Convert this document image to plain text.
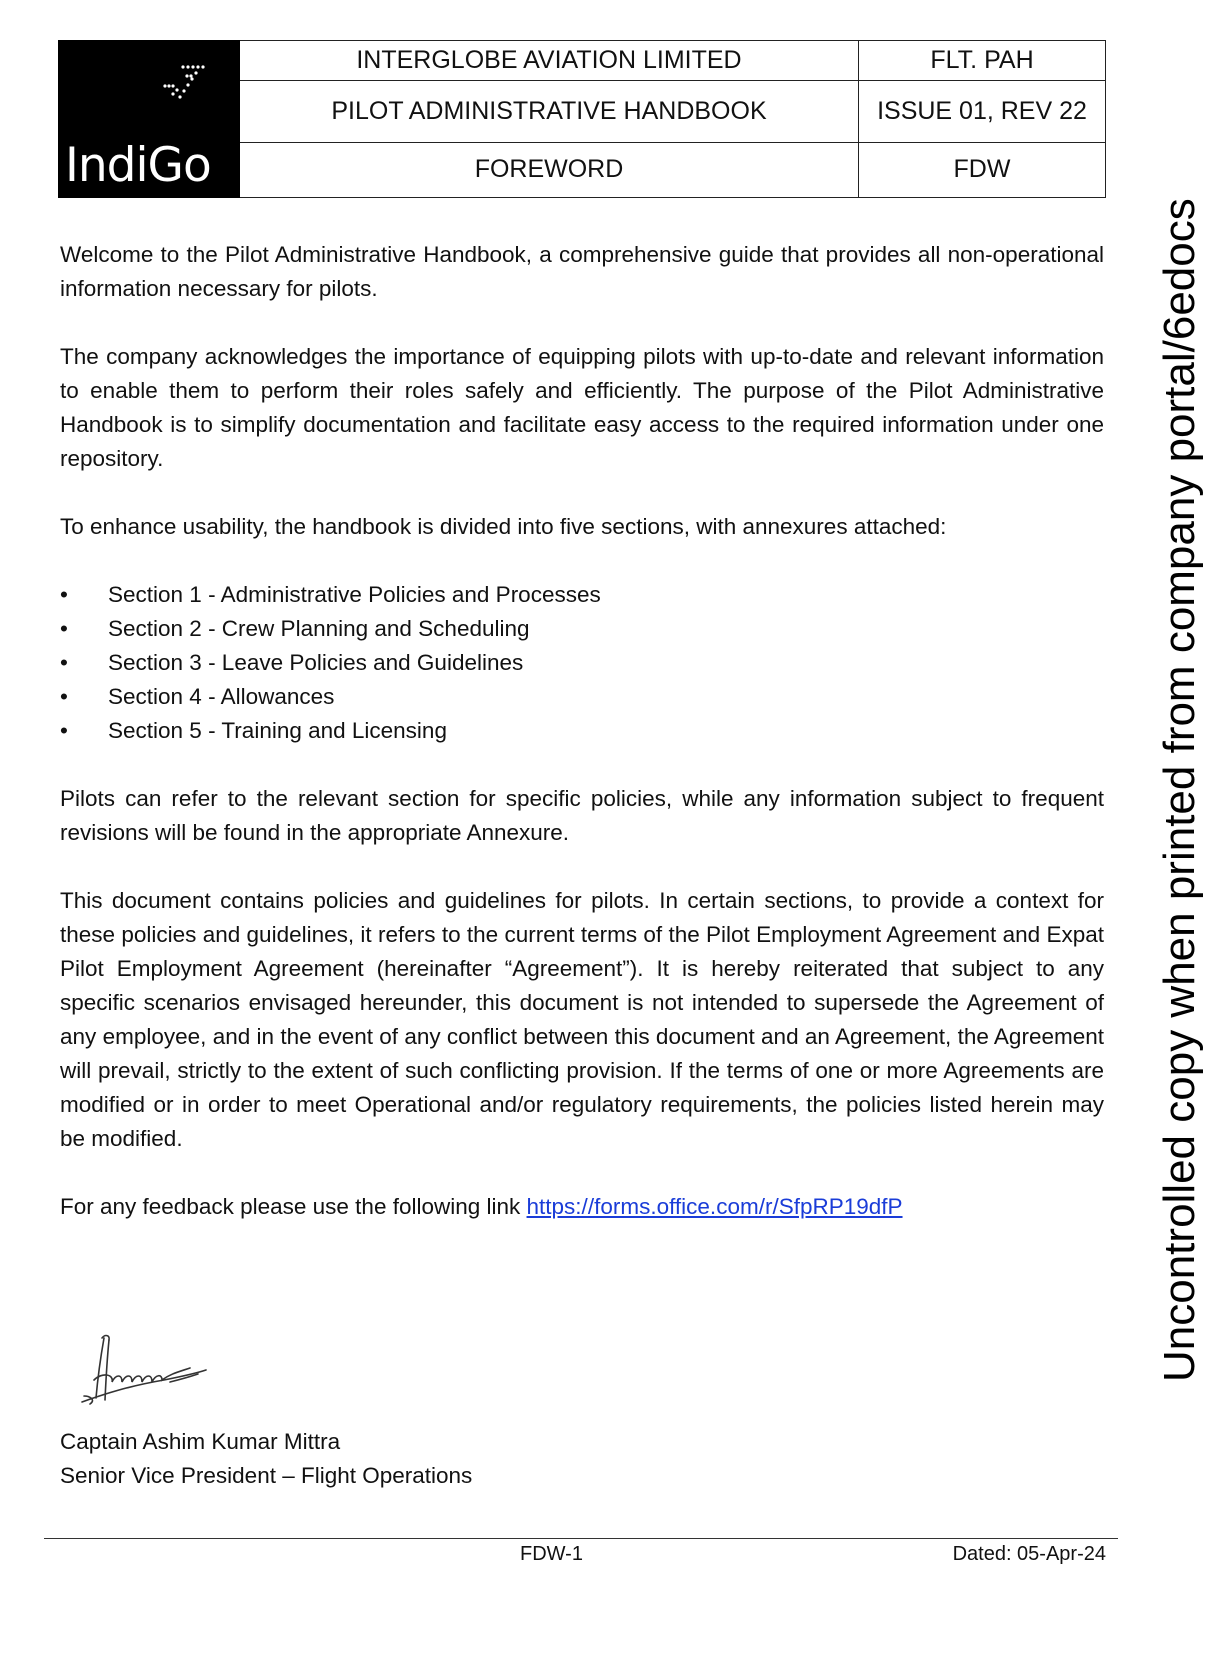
IndiGo	INTERGLOBE AVIATION LIMITED	FLT. PAH
	PILOT ADMINISTRATIVE HANDBOOK	ISSUE 01, REV 22
	FOREWORD	FDW

Welcome to the Pilot Administrative Handbook, a comprehensive guide that provides all non-operational information necessary for pilots.

The company acknowledges the importance of equipping pilots with up-to-date and relevant information to enable them to perform their roles safely and efficiently. The purpose of the Pilot Administrative Handbook is to simplify documentation and facilitate easy access to the required information under one repository.

To enhance usability, the handbook is divided into five sections, with annexures attached:

• Section 1 - Administrative Policies and Processes
• Section 2 - Crew Planning and Scheduling
• Section 3 - Leave Policies and Guidelines
• Section 4 - Allowances
• Section 5 - Training and Licensing

Pilots can refer to the relevant section for specific policies, while any information subject to frequent revisions will be found in the appropriate Annexure.

This document contains policies and guidelines for pilots. In certain sections, to provide a context for these policies and guidelines, it refers to the current terms of the Pilot Employment Agreement and Expat Pilot Employment Agreement (hereinafter “Agreement”). It is hereby reiterated that subject to any specific scenarios envisaged hereunder, this document is not intended to supersede the Agreement of any employee, and in the event of any conflict between this document and an Agreement, the Agreement will prevail, strictly to the extent of such conflicting provision. If the terms of one or more Agreements are modified or in order to meet Operational and/or regulatory requirements, the policies listed herein may be modified.

For any feedback please use the following link https://forms.office.com/r/SfpRP19dfP

Captain Ashim Kumar Mittra
Senior Vice President – Flight Operations
Uncontrolled copy when printed from company portal/6edocs
FDW-1	Dated: 05-Apr-24
